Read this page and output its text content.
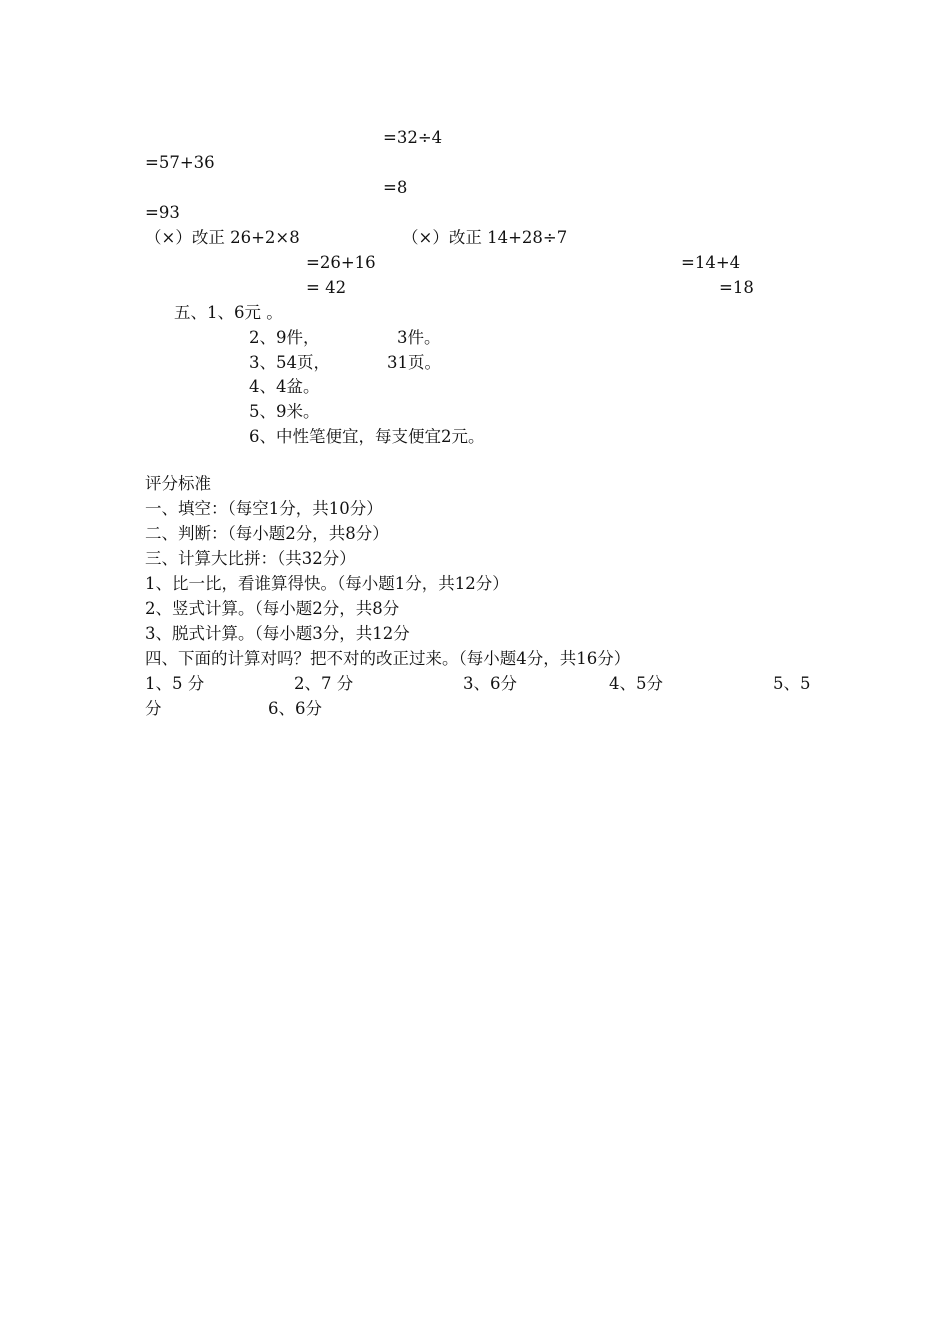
=32÷4
=57+36
=8
=93
（×）改正 26+2×8	（×）改正 14+28÷7
=26+16	=14+4
= 42	=18
五、1、6元 。
2、9件，	3件。
3、54页，	31页。
4、4盆。
5、9米。
6、中性笔便宜，每支便宜2元。
评分标准
一、填空：（每空1分，共10分）
二、判断：（每小题2分，共8分）
三、计算大比拼：（共32分）
1、比一比，看谁算得快。（每小题1分，共12分）
2、竖式计算。（每小题2分，共8分
3、脱式计算。（每小题3分，共12分
四、下面的计算对吗？把不对的改正过来。（每小题4分，共16分）
1、5 分	2、7 分	3、6分	4、5分	5、5
分	6、6分
